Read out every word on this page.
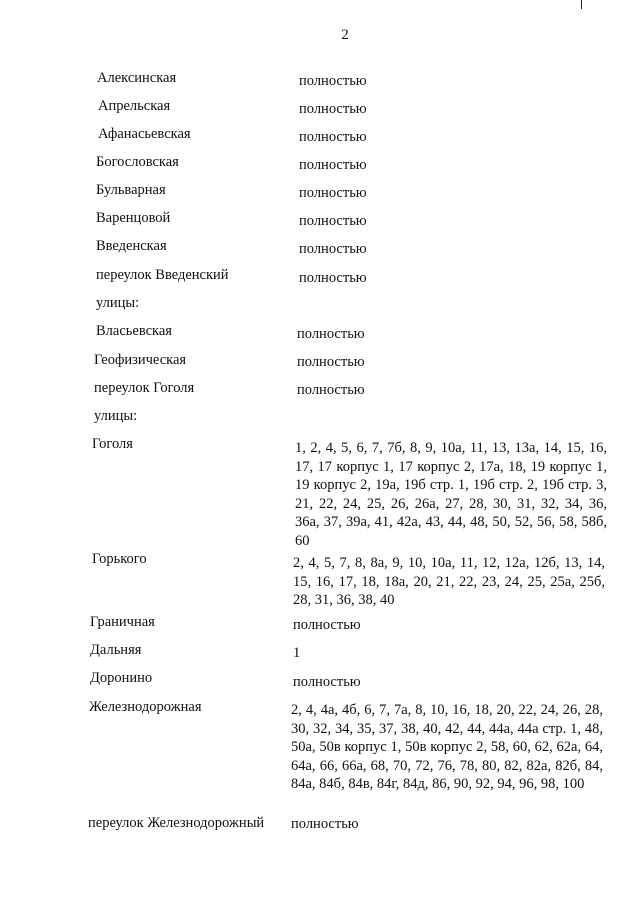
2
Алексинская	полностью
Апрельская	полностью
Афанасьевская	полностью
Богословская	полностью
Бульварная	полностью
Варенцовой	полностью
Введенская	полностью
переулок Введенский	полностью
улицы:
Власьевская	полностью
Геофизическая	полностью
переулок Гоголя	полностью
улицы:
Гоголя	1, 2, 4, 5, 6, 7, 7б, 8, 9, 10а, 11, 13, 13а, 14, 15, 16, 17, 17 корпус 1, 17 корпус 2, 17а, 18, 19 корпус 1, 19 корпус 2, 19а, 19б стр. 1, 19б стр. 2, 19б стр. 3, 21, 22, 24, 25, 26, 26а, 27, 28, 30, 31, 32, 34, 36, 36а, 37, 39а, 41, 42а, 43, 44, 48, 50, 52, 56, 58, 58б, 60
Горького	2, 4, 5, 7, 8, 8а, 9, 10, 10а, 11, 12, 12а, 12б, 13, 14, 15, 16, 17, 18, 18а, 20, 21, 22, 23, 24, 25, 25а, 25б, 28, 31, 36, 38, 40
Граничная	полностью
Дальняя	1
Доронино	полностью
Железнодорожная	2, 4, 4а, 4б, 6, 7, 7а, 8, 10, 16, 18, 20, 22, 24, 26, 28, 30, 32, 34, 35, 37, 38, 40, 42, 44, 44а, 44а стр. 1, 48, 50а, 50в корпус 1, 50в корпус 2, 58, 60, 62, 62а, 64, 64а, 66, 66а, 68, 70, 72, 76, 78, 80, 82, 82а, 82б, 84, 84а, 84б, 84в, 84г, 84д, 86, 90, 92, 94, 96, 98, 100
переулок Железнодорожный полностью
